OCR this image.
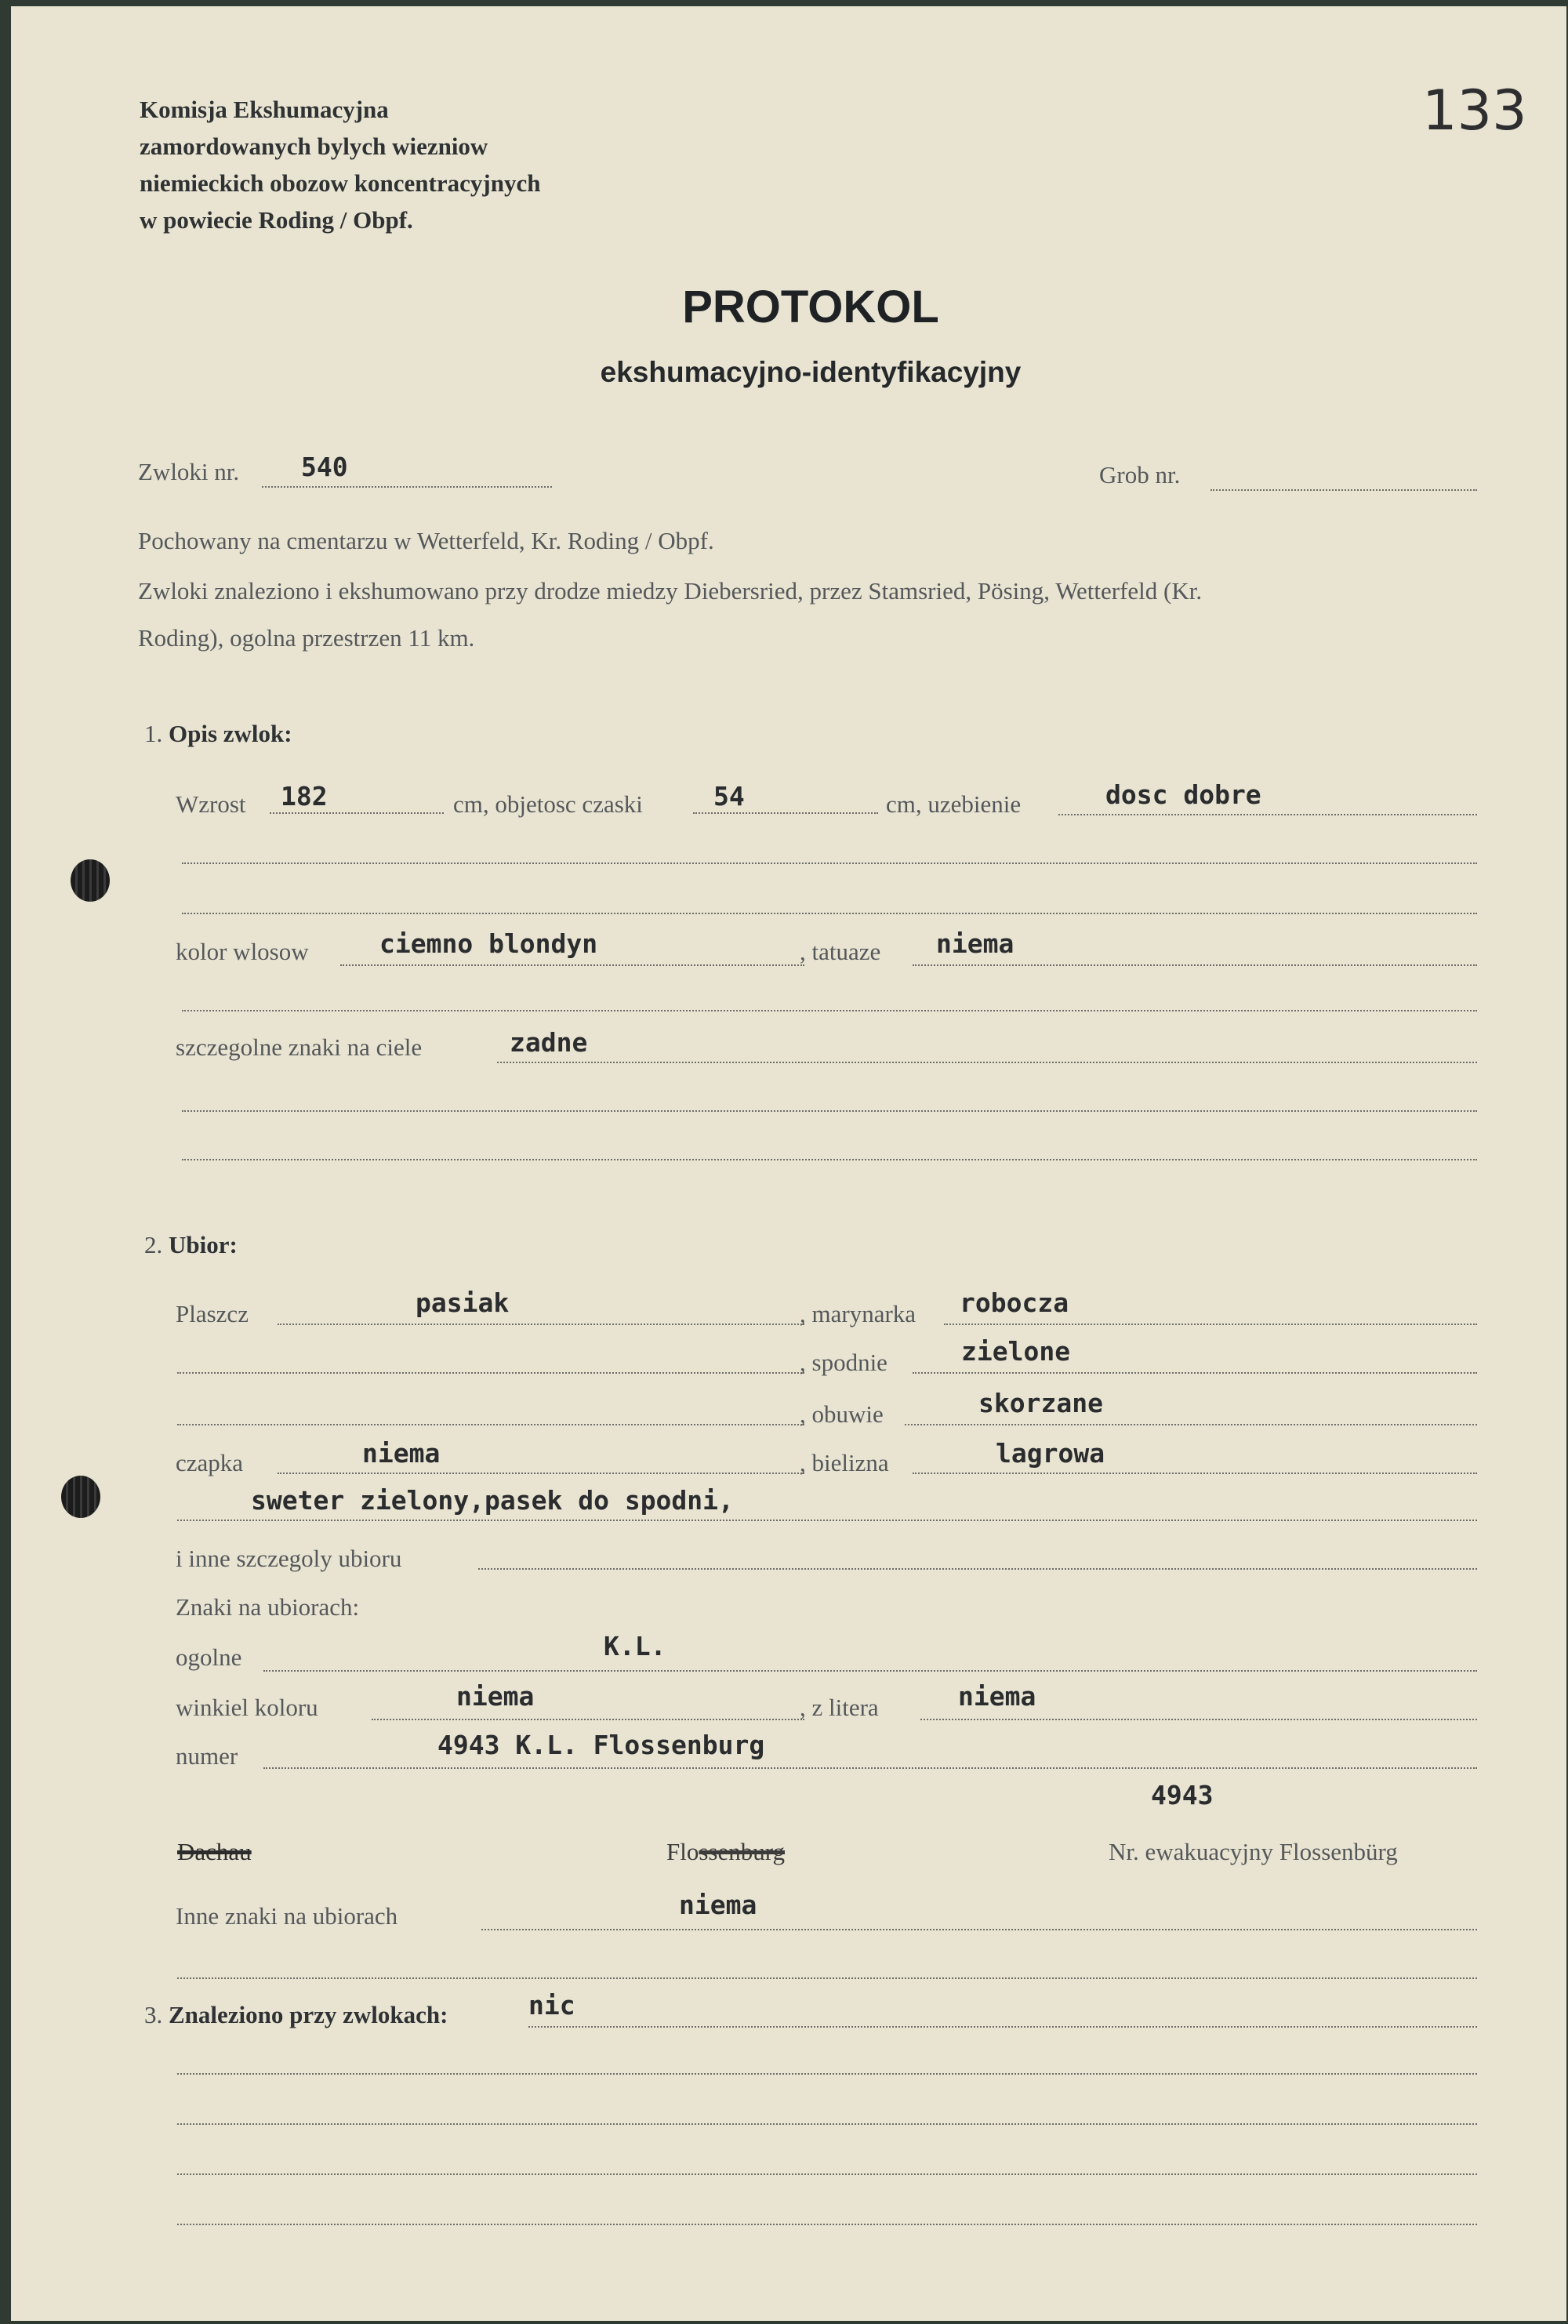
Komisja Ekshumacyjna
zamordowanych bylych wiezniow
niemieckich obozow koncentracyjnych
w powiecie Roding / Obpf.
133
PROTOKOL
ekshumacyjno-identyfikacyjny
Zwloki nr. 540	Grob nr.
Pochowany na cmentarzu w Wetterfeld, Kr. Roding / Obpf.
Zwloki znaleziono i ekshumowano przy drodze miedzy Diebersried, przez Stamsried, Pösing, Wetterfeld (Kr.
Roding), ogolna przestrzen 11 km.
1. Opis zwlok:
Wzrost 182	cm, objetosc czaski	54	cm, uzebienie	dosc dobre
kolor wlosow	ciemno blondyn	, tatuaze niema
szczegolne znaki na ciele	zadne
2. Ubior:
Plaszcz	pasiak	, marynarka robocza
, spodnie	zielone
, obuwie	skorzane
czapka	niema	, bielizna	lagrowa
sweter zielony,pasek do spodni,
i inne szczegoly ubioru
Znaki na ubiorach:
ogolne	K.L.
winkiel koloru	niema	, z litera	niema
numer	4943 K.L. Flossenburg
4943
Dachau	Flossenburg	Nr. ewakuacyjny Flossenbürg
Inne znaki na ubiorach	niema
3. Znaleziono przy zwlokach:	nic
